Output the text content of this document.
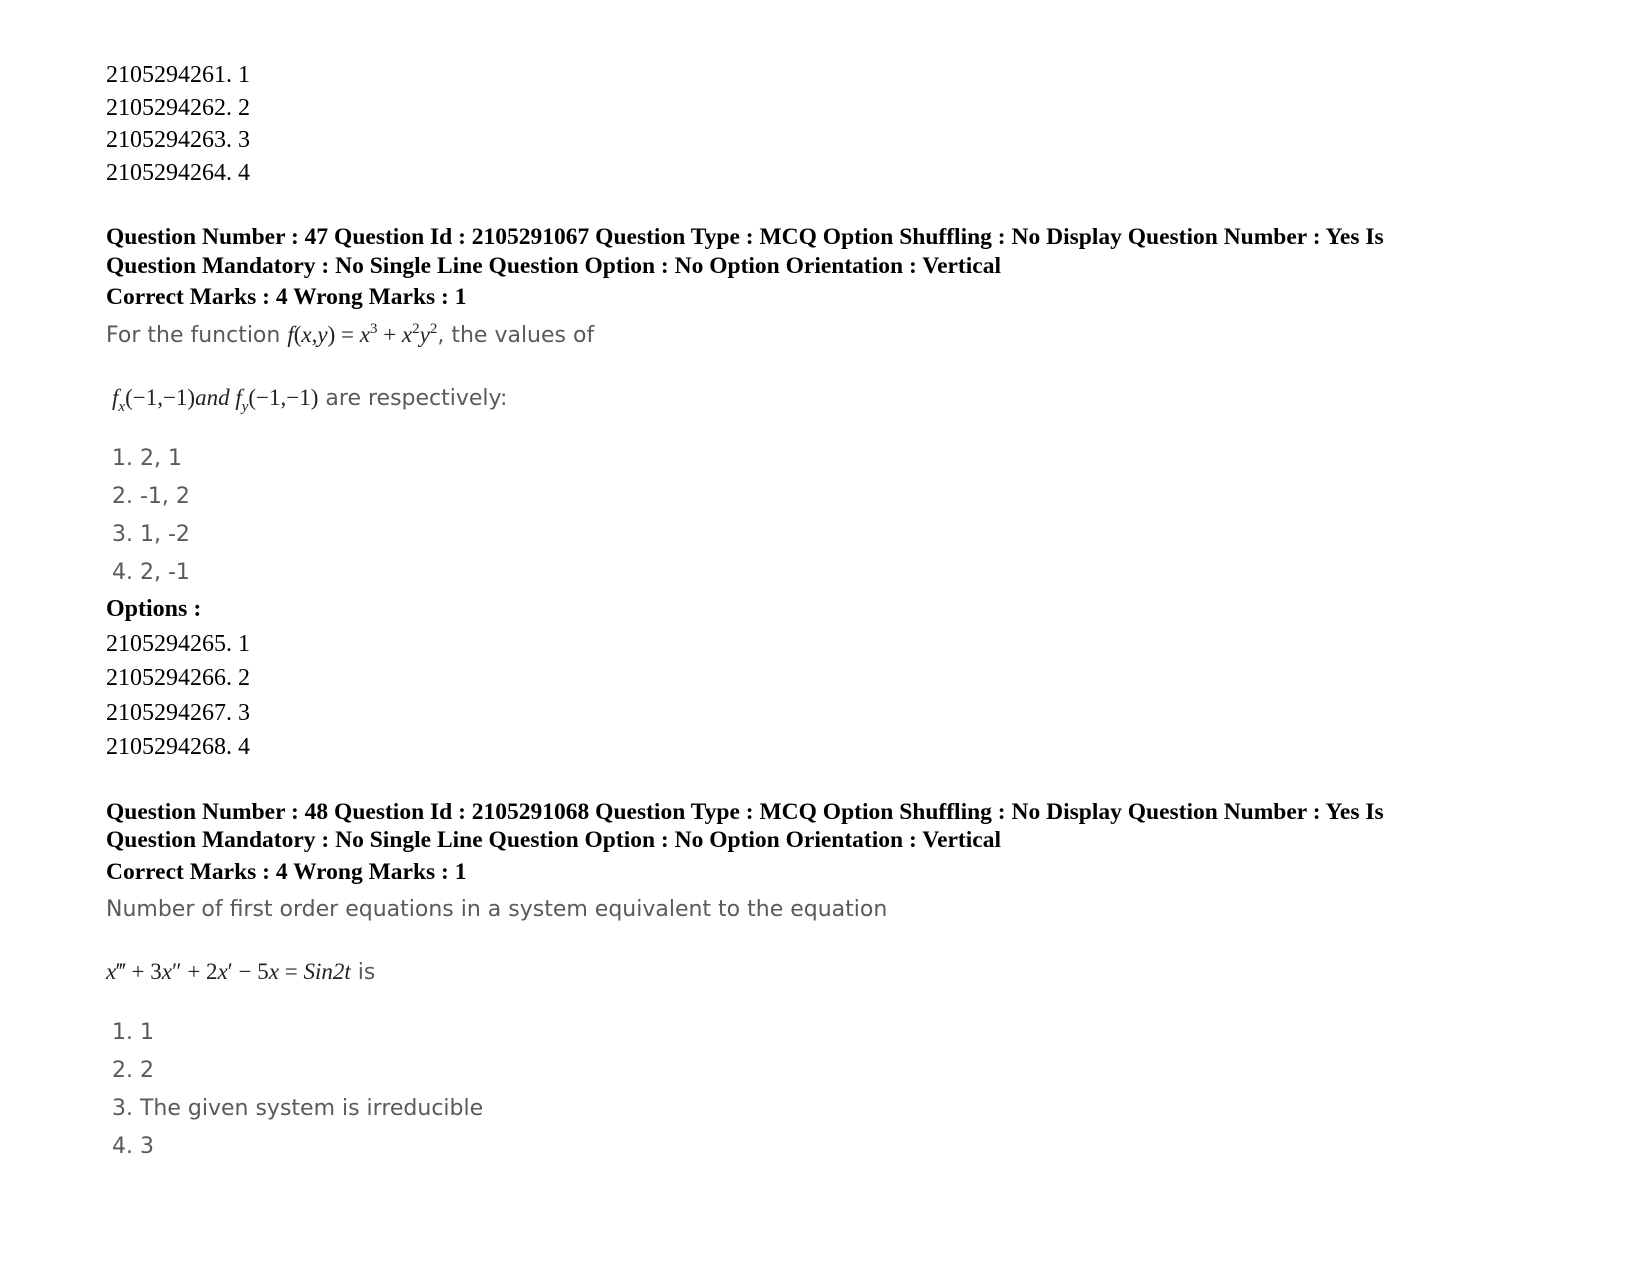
2105294261. 1
2105294262. 2
2105294263. 3
2105294264. 4
Question Number : 47 Question Id : 2105291067 Question Type : MCQ Option Shuffling : No Display Question Number : Yes Is
Question Mandatory : No Single Line Question Option : No Option Orientation : Vertical
Correct Marks : 4 Wrong Marks : 1
For the function $f(x,y) = x^3 + x^2y^2$, the values of
$f_x(-1,-1)and$ $f_y(-1,-1)$ are respectively:
1. 2, 1
2. -1, 2
3. 1, -2
4. 2, -1
Options :
2105294265. 1
2105294266. 2
2105294267. 3
2105294268. 4
Question Number : 48 Question Id : 2105291068 Question Type : MCQ Option Shuffling : No Display Question Number : Yes Is
Question Mandatory : No Single Line Question Option : No Option Orientation : Vertical
Correct Marks : 4 Wrong Marks : 1
Number of first order equations in a system equivalent to the equation
x‴ + 3x″ + 2x′ − 5x = Sin2t is
1. 1
2. 2
3. The given system is irreducible
4. 3
